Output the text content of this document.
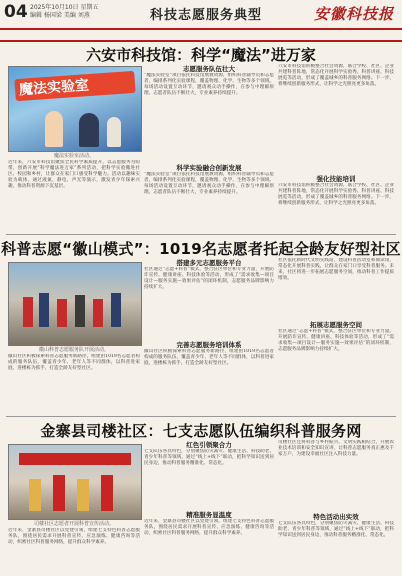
04 2025年10月10日 星期五
编辑 杨国梁 美编 刘燕	科技志愿服务典型	安徽科技报
六安市科技馆：科学“魔法”进万家
魔法实验室
魔法实验室活动。
志愿服务队伍壮大
“魔法实验室”项目依托科技馆展教资源，组织科普辅导员和志愿者，编排系列化实验课程，覆盖物理、化学、生物等多个领域。每场活动设置互动环节，邀请观众动手操作，在参与中理解原理。志愿者队伍不断壮大，专业素养持续提升。
六安市科技馆积极整合社会资源，联合学校、社区、企业共建科普阵地，常态化开展科学实验秀、科普讲座、科技展览等活动，形成了覆盖城乡的科普服务网络。下一步，将继续创新服务形式，让科学之光照亮更多角落。
近年来，六安市科技馆聚焦全民科学素质提升，以志愿服务为纽带，创新开展“科学魔法进万家”系列活动，把科学实验搬进社区、校园和乡村，让群众在家门口感受科学魅力。活动以趣味实验为载体，通过液氮、静电、声光等演示，激发青少年探索兴趣，推动科普资源下沉基层。
科学实验融合创新发展
“魔法实验室”项目依托科技馆展教资源，组织科普辅导员和志愿者，编排系列化实验课程，覆盖物理、化学、生物等多个领域。每场活动设置互动环节，邀请观众动手操作，在参与中理解原理。志愿者队伍不断壮大，专业素养持续提升。
强化技能培训
六安市科技馆积极整合社会资源，联合学校、社区、企业共建科普阵地，常态化开展科学实验秀、科普讲座、科技展览等活动，形成了覆盖城乡的科普服务网络。下一步，将继续创新服务形式，让科学之光照亮更多角落。
科普志愿“徽山模式”：1019名志愿者托起全龄友好型社区
徽山科普志愿服务队开展活动。
徽山社区积极探索科普志愿服务新路径，组建由1019名志愿者构成的服务队伍，覆盖青少年、老年人等不同群体，以科普进家庭、进楼栋为抓手，打造全龄友好型社区。
搭建多元志愿服务平台
社区通过“志愿+科普”模式，整合驻区单位和专业力量，开展防诈宣传、健康讲座、科技体验等活动，形成了“需求收集—项目设计—服务实施—效果评估”的闭环机制，志愿服务品牌影响力持续扩大。
完善志愿服务培训体系
徽山社区积极探索科普志愿服务新路径，组建由1019名志愿者构成的服务队伍，覆盖青少年、老年人等不同群体，以科普进家庭、进楼栋为抓手，打造全龄友好型社区。
社区依托新时代文明实践站，建设科普活动室和阅读角，常态化开展科普实践，让群众在家门口享受科普服务。未来，社区将进一步拓展志愿服务空间，推动科普工作提质增效。
拓展志愿服务空间
社区通过“志愿+科普”模式，整合驻区单位和专业力量，开展防诈宣传、健康讲座、科技体验等活动，形成了“需求收集—项目设计—服务实施—效果评估”的闭环机制，志愿服务品牌影响力持续扩大。
金寨县司楼社区：七支志愿队伍编织科普服务网
司楼社区志愿者开展科普宣传活动。
近年来，金寨县司楼社区以党建引领，组建七支特色科普志愿服务队，围绕居民需求开展科普宣传、应急演练、健康咨询等活动，织密社区科普服务网络，提升群众科学素养。
红色引领聚合力
七支队伍各具特色，分别聚焦防灾减灾、健康生活、科技助老、青少年科普等领域，通过“线上+线下”联动，把科学知识送到居民身边，推动科普服务精准化、常态化。
精准服务显温度
近年来，金寨县司楼社区以党建引领，组建七支特色科普志愿服务队，围绕居民需求开展科普宣传、应急演练、健康咨询等活动，织密社区科普服务网络，提升群众科学素养。
司楼社区还将科普与乡村振兴、文明实践相结合，开展农业技术培训和安全知识宣讲，让科普志愿服务真正惠及千家万户，为建设幸福社区注入科技力量。
特色活动出实效
七支队伍各具特色，分别聚焦防灾减灾、健康生活、科技助老、青少年科普等领域，通过“线上+线下”联动，把科学知识送到居民身边，推动科普服务精准化、常态化。
